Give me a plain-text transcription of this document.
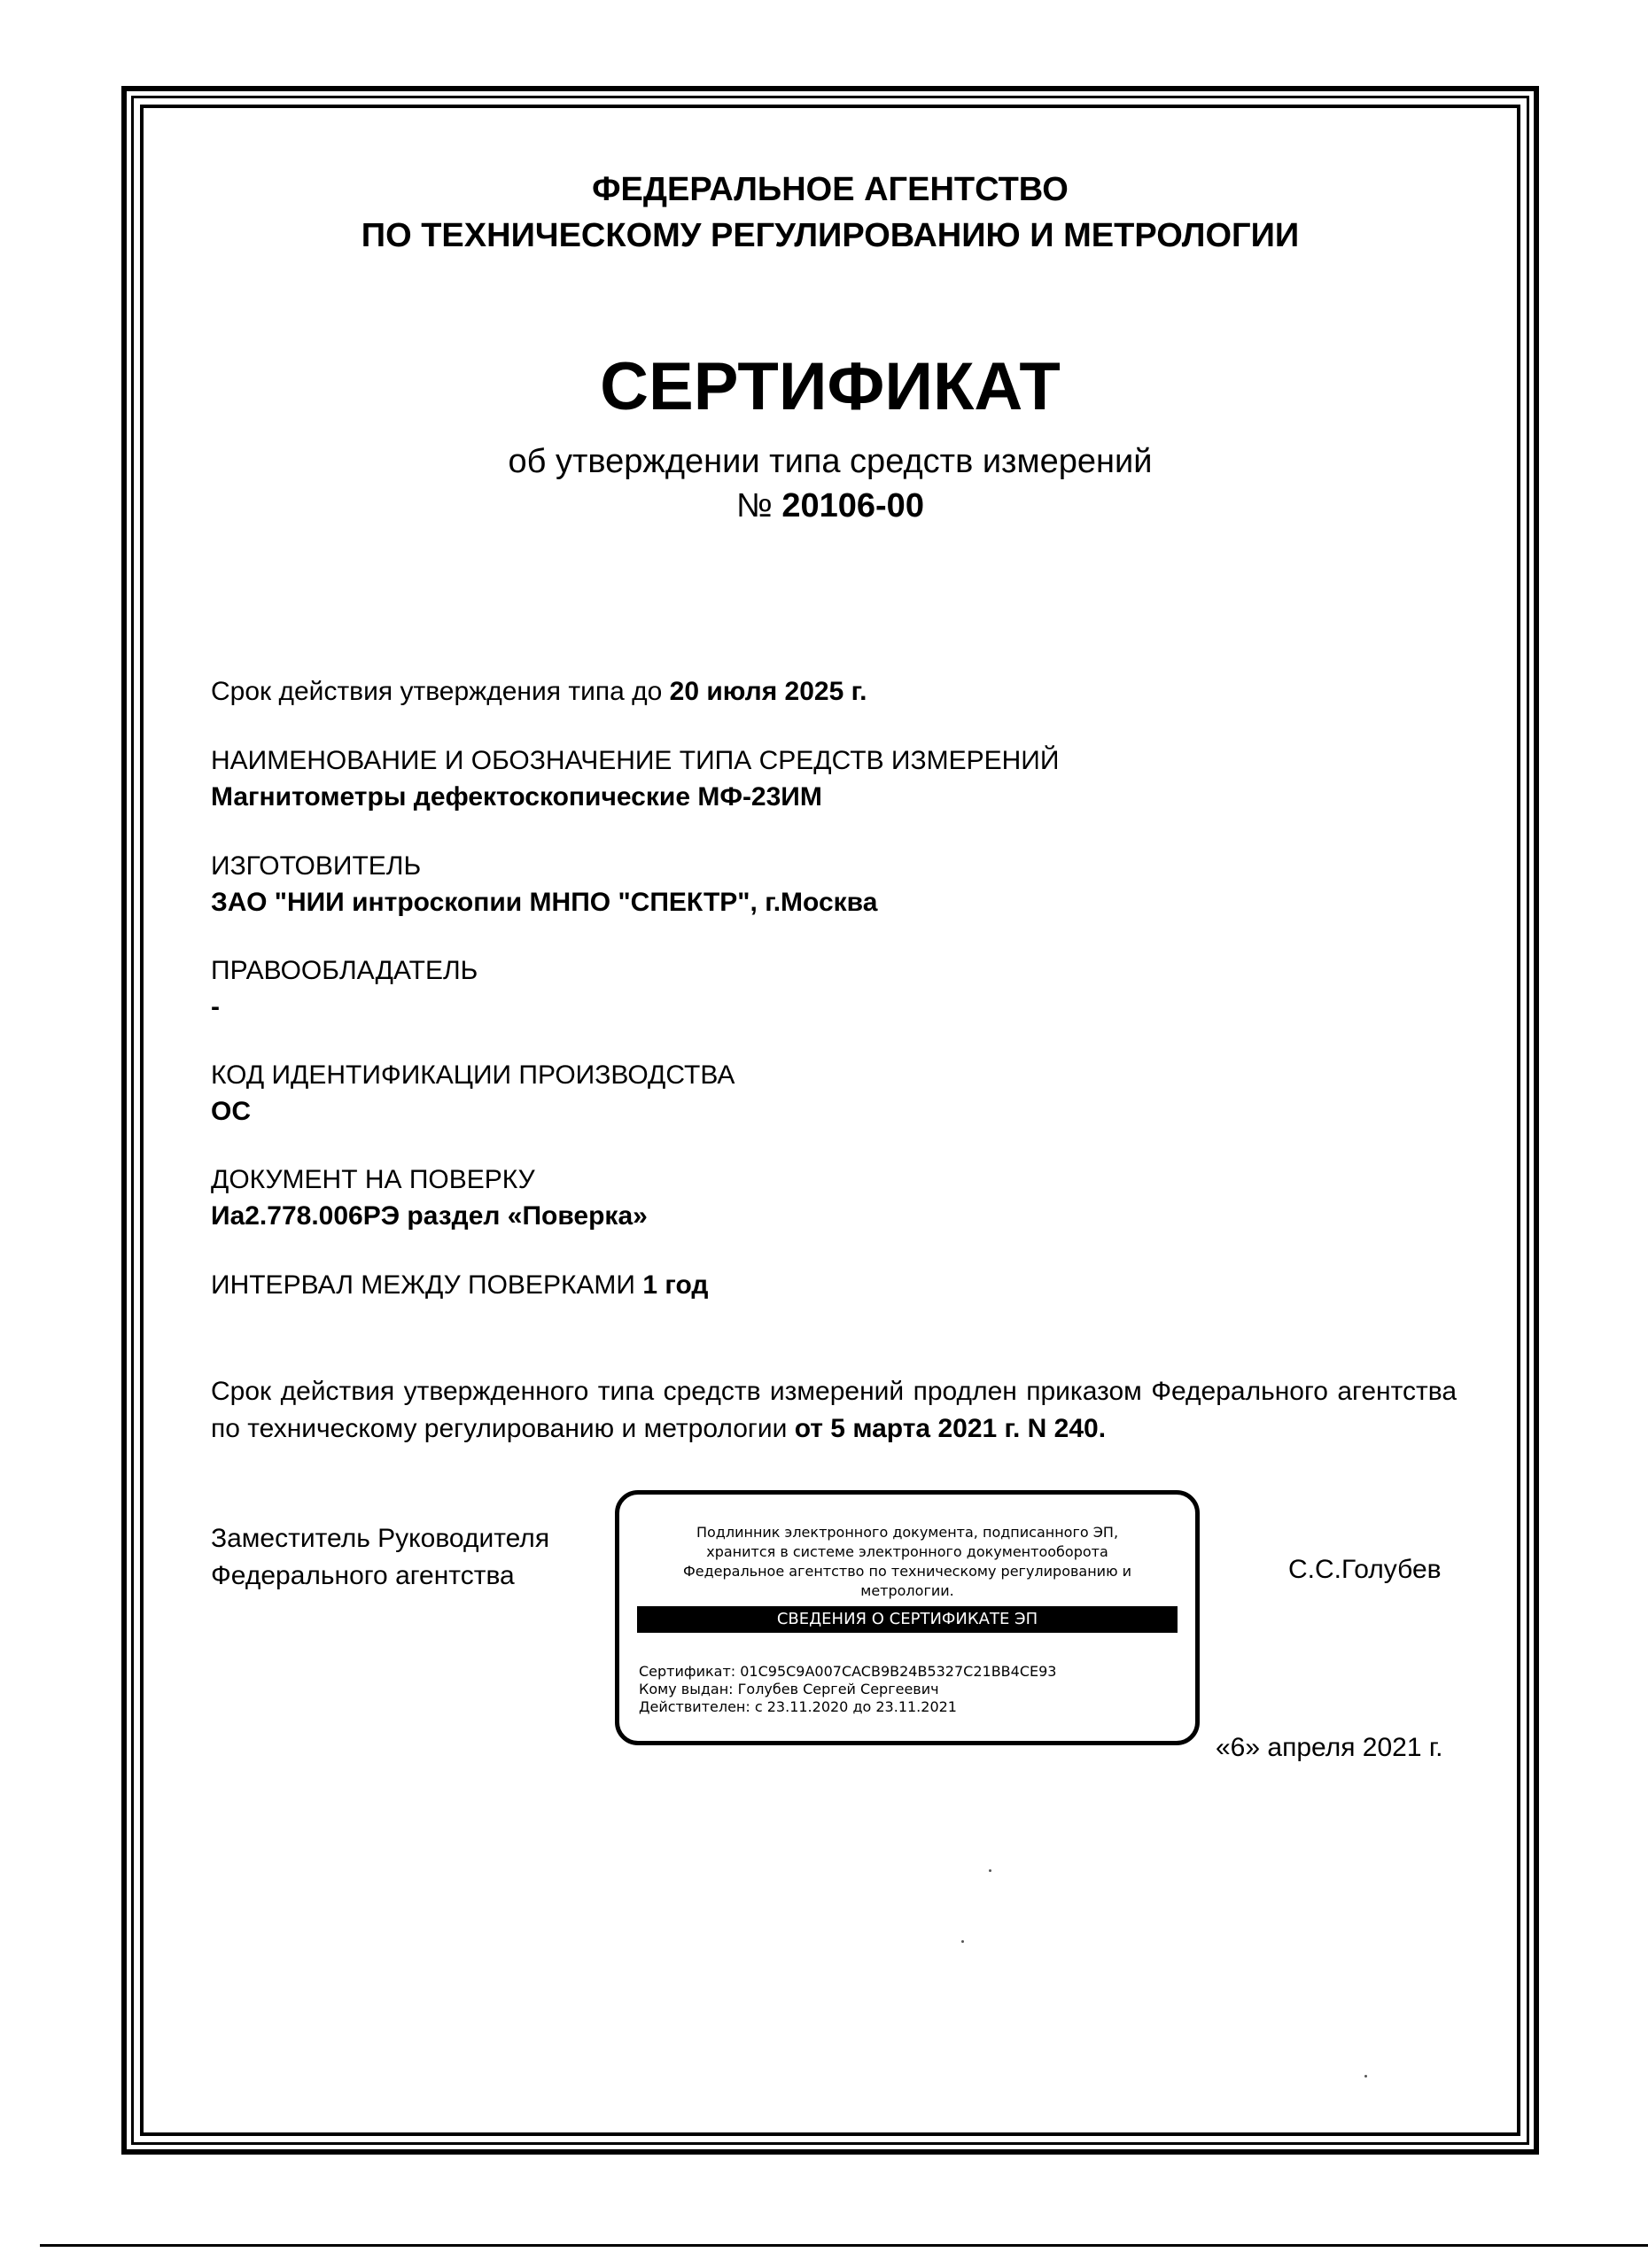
ФЕДЕРАЛЬНОЕ АГЕНТСТВО
ПО ТЕХНИЧЕСКОМУ РЕГУЛИРОВАНИЮ И МЕТРОЛОГИИ
СЕРТИФИКАТ
об утверждении типа средств измерений
№ 20106-00
Срок действия утверждения типа до 20 июля 2025 г.
НАИМЕНОВАНИЕ И ОБОЗНАЧЕНИЕ ТИПА СРЕДСТВ ИЗМЕРЕНИЙ
Магнитометры дефектоскопические МФ-23ИМ
ИЗГОТОВИТЕЛЬ
ЗАО "НИИ интроскопии МНПО "СПЕКТР", г.Москва
ПРАВООБЛАДАТЕЛЬ
-
КОД ИДЕНТИФИКАЦИИ ПРОИЗВОДСТВА
ОС
ДОКУМЕНТ НА ПОВЕРКУ
Иа2.778.006РЭ раздел «Поверка»
ИНТЕРВАЛ МЕЖДУ ПОВЕРКАМИ 1 год
Срок действия утвержденного типа средств измерений продлен приказом Федерального агентства по техническому регулированию и метрологии от 5 марта 2021 г. N 240.
Заместитель Руководителя
Федерального агентства
Подлинник электронного документа, подписанного ЭП,
хранится в системе электронного документооборота
Федеральное агентство по техническому регулированию и
метрологии.
СВЕДЕНИЯ О СЕРТИФИКАТЕ ЭП
Сертификат: 01C95C9A007CACB9B24B5327C21BB4CE93
Кому выдан: Голубев Сергей Сергеевич
Действителен: с 23.11.2020 до 23.11.2021
С.С.Голубев
«6» апреля 2021 г.
